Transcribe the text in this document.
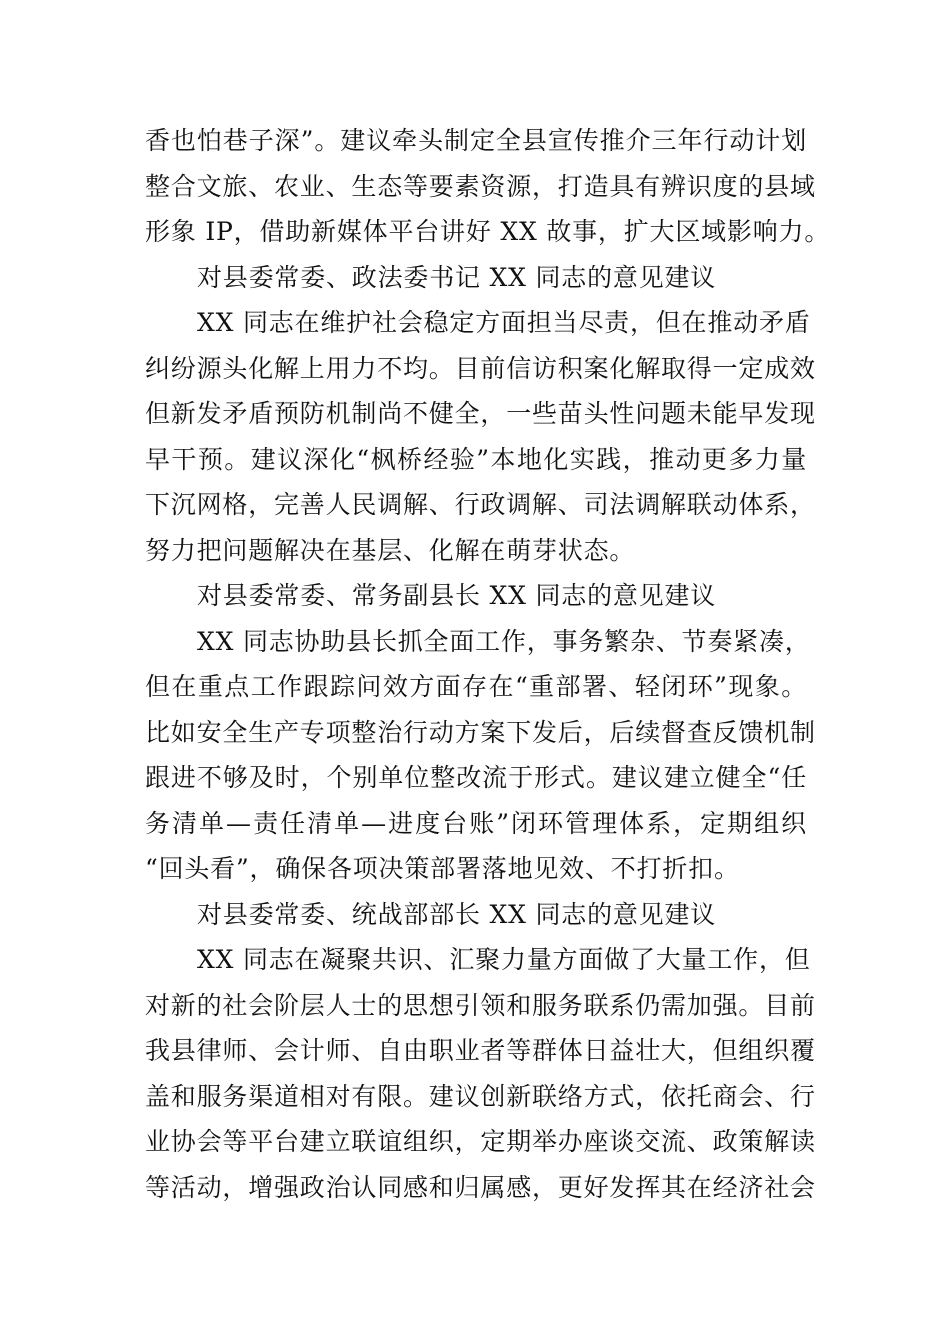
香也怕巷子深”。建议牵头制定全县宣传推介三年行动计划
整合文旅、农业、生态等要素资源，打造具有辨识度的县域
形象 IP，借助新媒体平台讲好 XX 故事，扩大区域影响力。
对县委常委、政法委书记 XX 同志的意见建议
XX 同志在维护社会稳定方面担当尽责，但在推动矛盾
纠纷源头化解上用力不均。目前信访积案化解取得一定成效
但新发矛盾预防机制尚不健全，一些苗头性问题未能早发现
早干预。建议深化“枫桥经验”本地化实践，推动更多力量
下沉网格，完善人民调解、行政调解、司法调解联动体系，
努力把问题解决在基层、化解在萌芽状态。
对县委常委、常务副县长 XX 同志的意见建议
XX 同志协助县长抓全面工作，事务繁杂、节奏紧凑，
但在重点工作跟踪问效方面存在“重部署、轻闭环”现象。
比如安全生产专项整治行动方案下发后，后续督查反馈机制
跟进不够及时，个别单位整改流于形式。建议建立健全“任
务清单—责任清单—进度台账”闭环管理体系，定期组织
“回头看”，确保各项决策部署落地见效、不打折扣。
对县委常委、统战部部长 XX 同志的意见建议
XX 同志在凝聚共识、汇聚力量方面做了大量工作，但
对新的社会阶层人士的思想引领和服务联系仍需加强。目前
我县律师、会计师、自由职业者等群体日益壮大，但组织覆
盖和服务渠道相对有限。建议创新联络方式，依托商会、行
业协会等平台建立联谊组织，定期举办座谈交流、政策解读
等活动，增强政治认同感和归属感，更好发挥其在经济社会
